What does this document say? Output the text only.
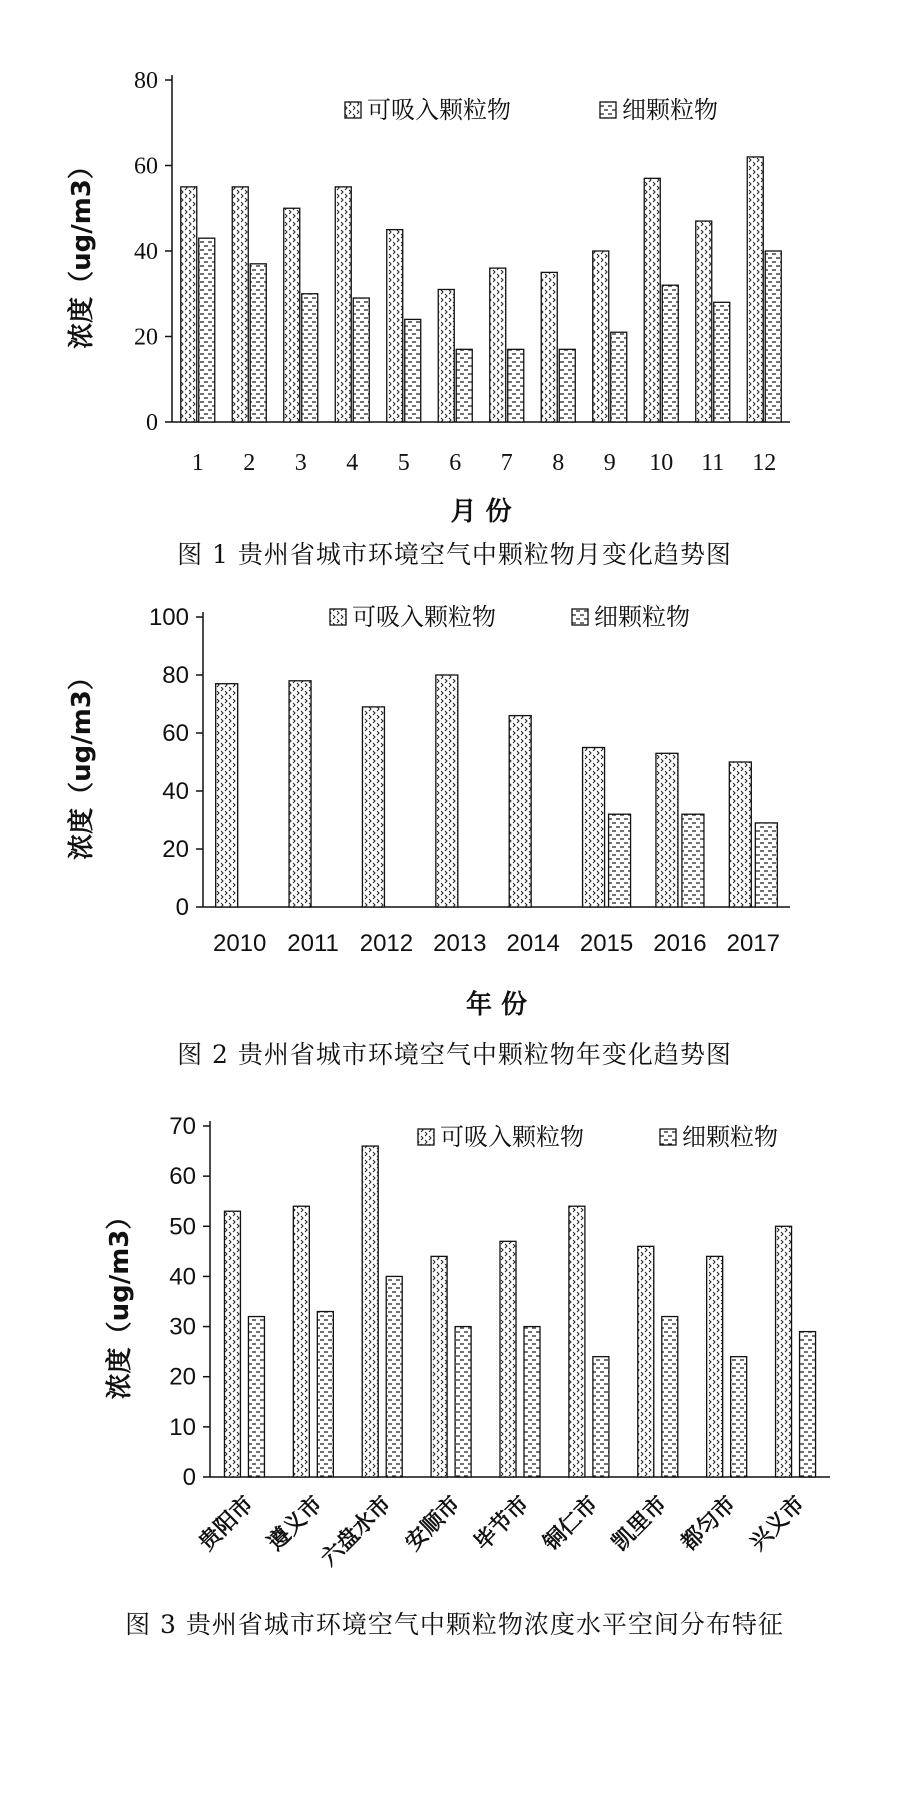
0
20
40
60
80
浓度（ug/m3）
1 2 3 4 5 6 7 8 9 10 11 12
月 份
可吸入颗粒物	细颗粒物
图 1 贵州省城市环境空气中颗粒物月变化趋势图
0
20
40
60
80
100
浓度（ug/m3）
2010 2011 2012 2013 2014 2015 2016 2017
年 份
可吸入颗粒物	细颗粒物
图 2 贵州省城市环境空气中颗粒物年变化趋势图
0
10
20
30
40
50
60
70
浓度（ug/m3）
贵阳市 遵义市
六盘水市 安顺市 毕节市 铜仁市 凯里市 都匀市 兴义市
可吸入颗粒物	细颗粒物
图 3 贵州省城市环境空气中颗粒物浓度水平空间分布特征
